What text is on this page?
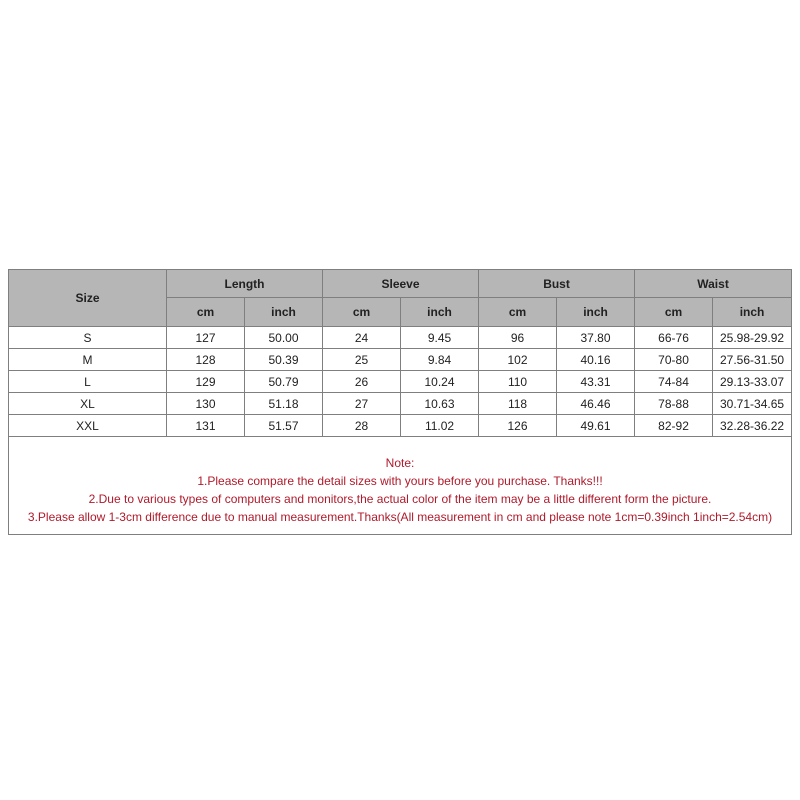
Size	Length		Sleeve		Bust		Waist	
	cm	inch	cm	inch	cm	inch	cm	inch
S	127	50.00	24	9.45	96	37.80	66-76	25.98-29.92
M	128	50.39	25	9.84	102	40.16	70-80	27.56-31.50
L	129	50.79	26	10.24	110	43.31	74-84	29.13-33.07
XL	130	51.18	27	10.63	118	46.46	78-88	30.71-34.65
XXL	131	51.57	28	11.02	126	49.61	82-92	32.28-36.22

Note:
1.Please compare the detail sizes with yours before you purchase. Thanks!!!
2.Due to various types of computers and monitors,the actual color of the item may be a little different form the picture.
3.Please allow 1-3cm difference due to manual measurement.Thanks(All measurement in cm and please note 1cm=0.39inch 1inch=2.54cm)								
